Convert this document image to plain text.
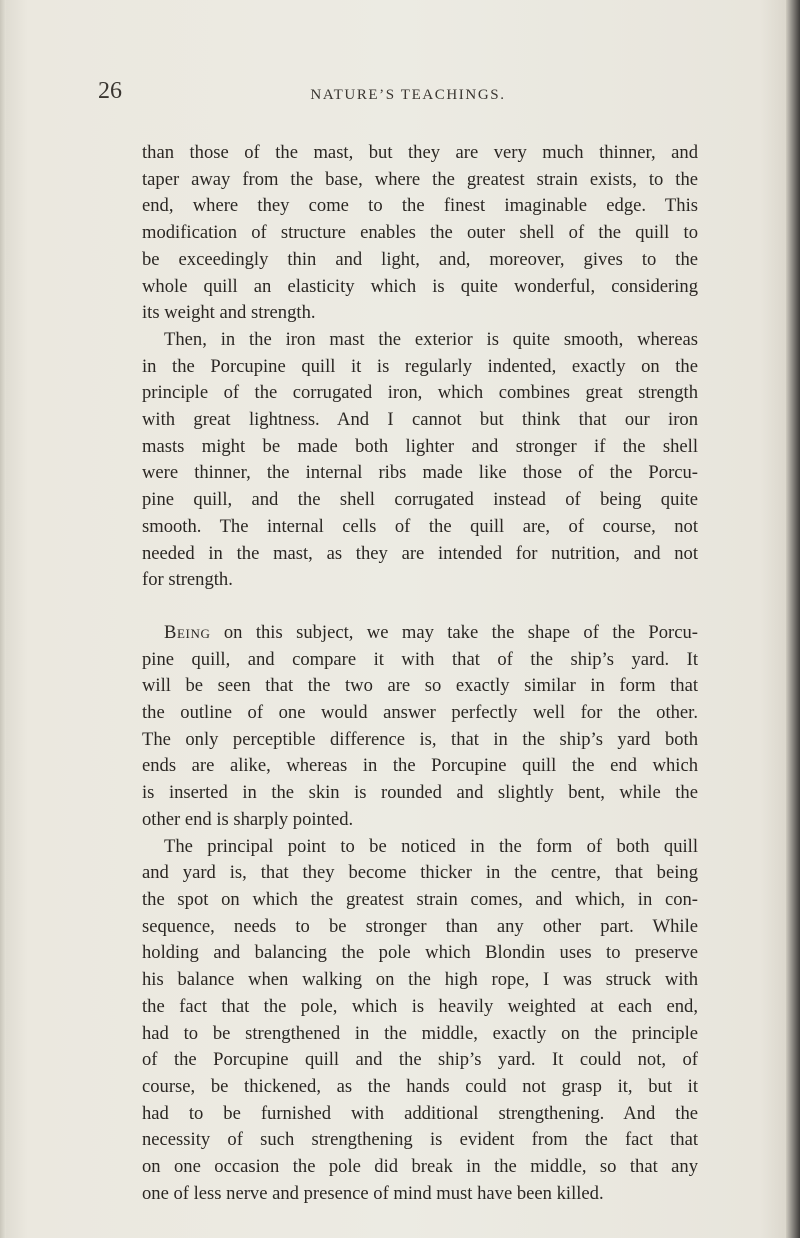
26	NATURE’S TEACHINGS.
than those of the mast, but they are very much thinner, and
taper away from the base, where the greatest strain exists, to the
end, where they come to the finest imaginable edge. This
modification of structure enables the outer shell of the quill to
be exceedingly thin and light, and, moreover, gives to the
whole quill an elasticity which is quite wonderful, considering
its weight and strength.
Then, in the iron mast the exterior is quite smooth, whereas
in the Porcupine quill it is regularly indented, exactly on the
principle of the corrugated iron, which combines great strength
with great lightness. And I cannot but think that our iron
masts might be made both lighter and stronger if the shell
were thinner, the internal ribs made like those of the Porcu-
pine quill, and the shell corrugated instead of being quite
smooth. The internal cells of the quill are, of course, not
needed in the mast, as they are intended for nutrition, and not
for strength.
Being on this subject, we may take the shape of the Porcu-
pine quill, and compare it with that of the ship’s yard. It
will be seen that the two are so exactly similar in form that
the outline of one would answer perfectly well for the other.
The only perceptible difference is, that in the ship’s yard both
ends are alike, whereas in the Porcupine quill the end which
is inserted in the skin is rounded and slightly bent, while the
other end is sharply pointed.
The principal point to be noticed in the form of both quill
and yard is, that they become thicker in the centre, that being
the spot on which the greatest strain comes, and which, in con-
sequence, needs to be stronger than any other part. While
holding and balancing the pole which Blondin uses to preserve
his balance when walking on the high rope, I was struck with
the fact that the pole, which is heavily weighted at each end,
had to be strengthened in the middle, exactly on the principle
of the Porcupine quill and the ship’s yard. It could not, of
course, be thickened, as the hands could not grasp it, but it
had to be furnished with additional strengthening. And the
necessity of such strengthening is evident from the fact that
on one occasion the pole did break in the middle, so that any
one of less nerve and presence of mind must have been killed.
